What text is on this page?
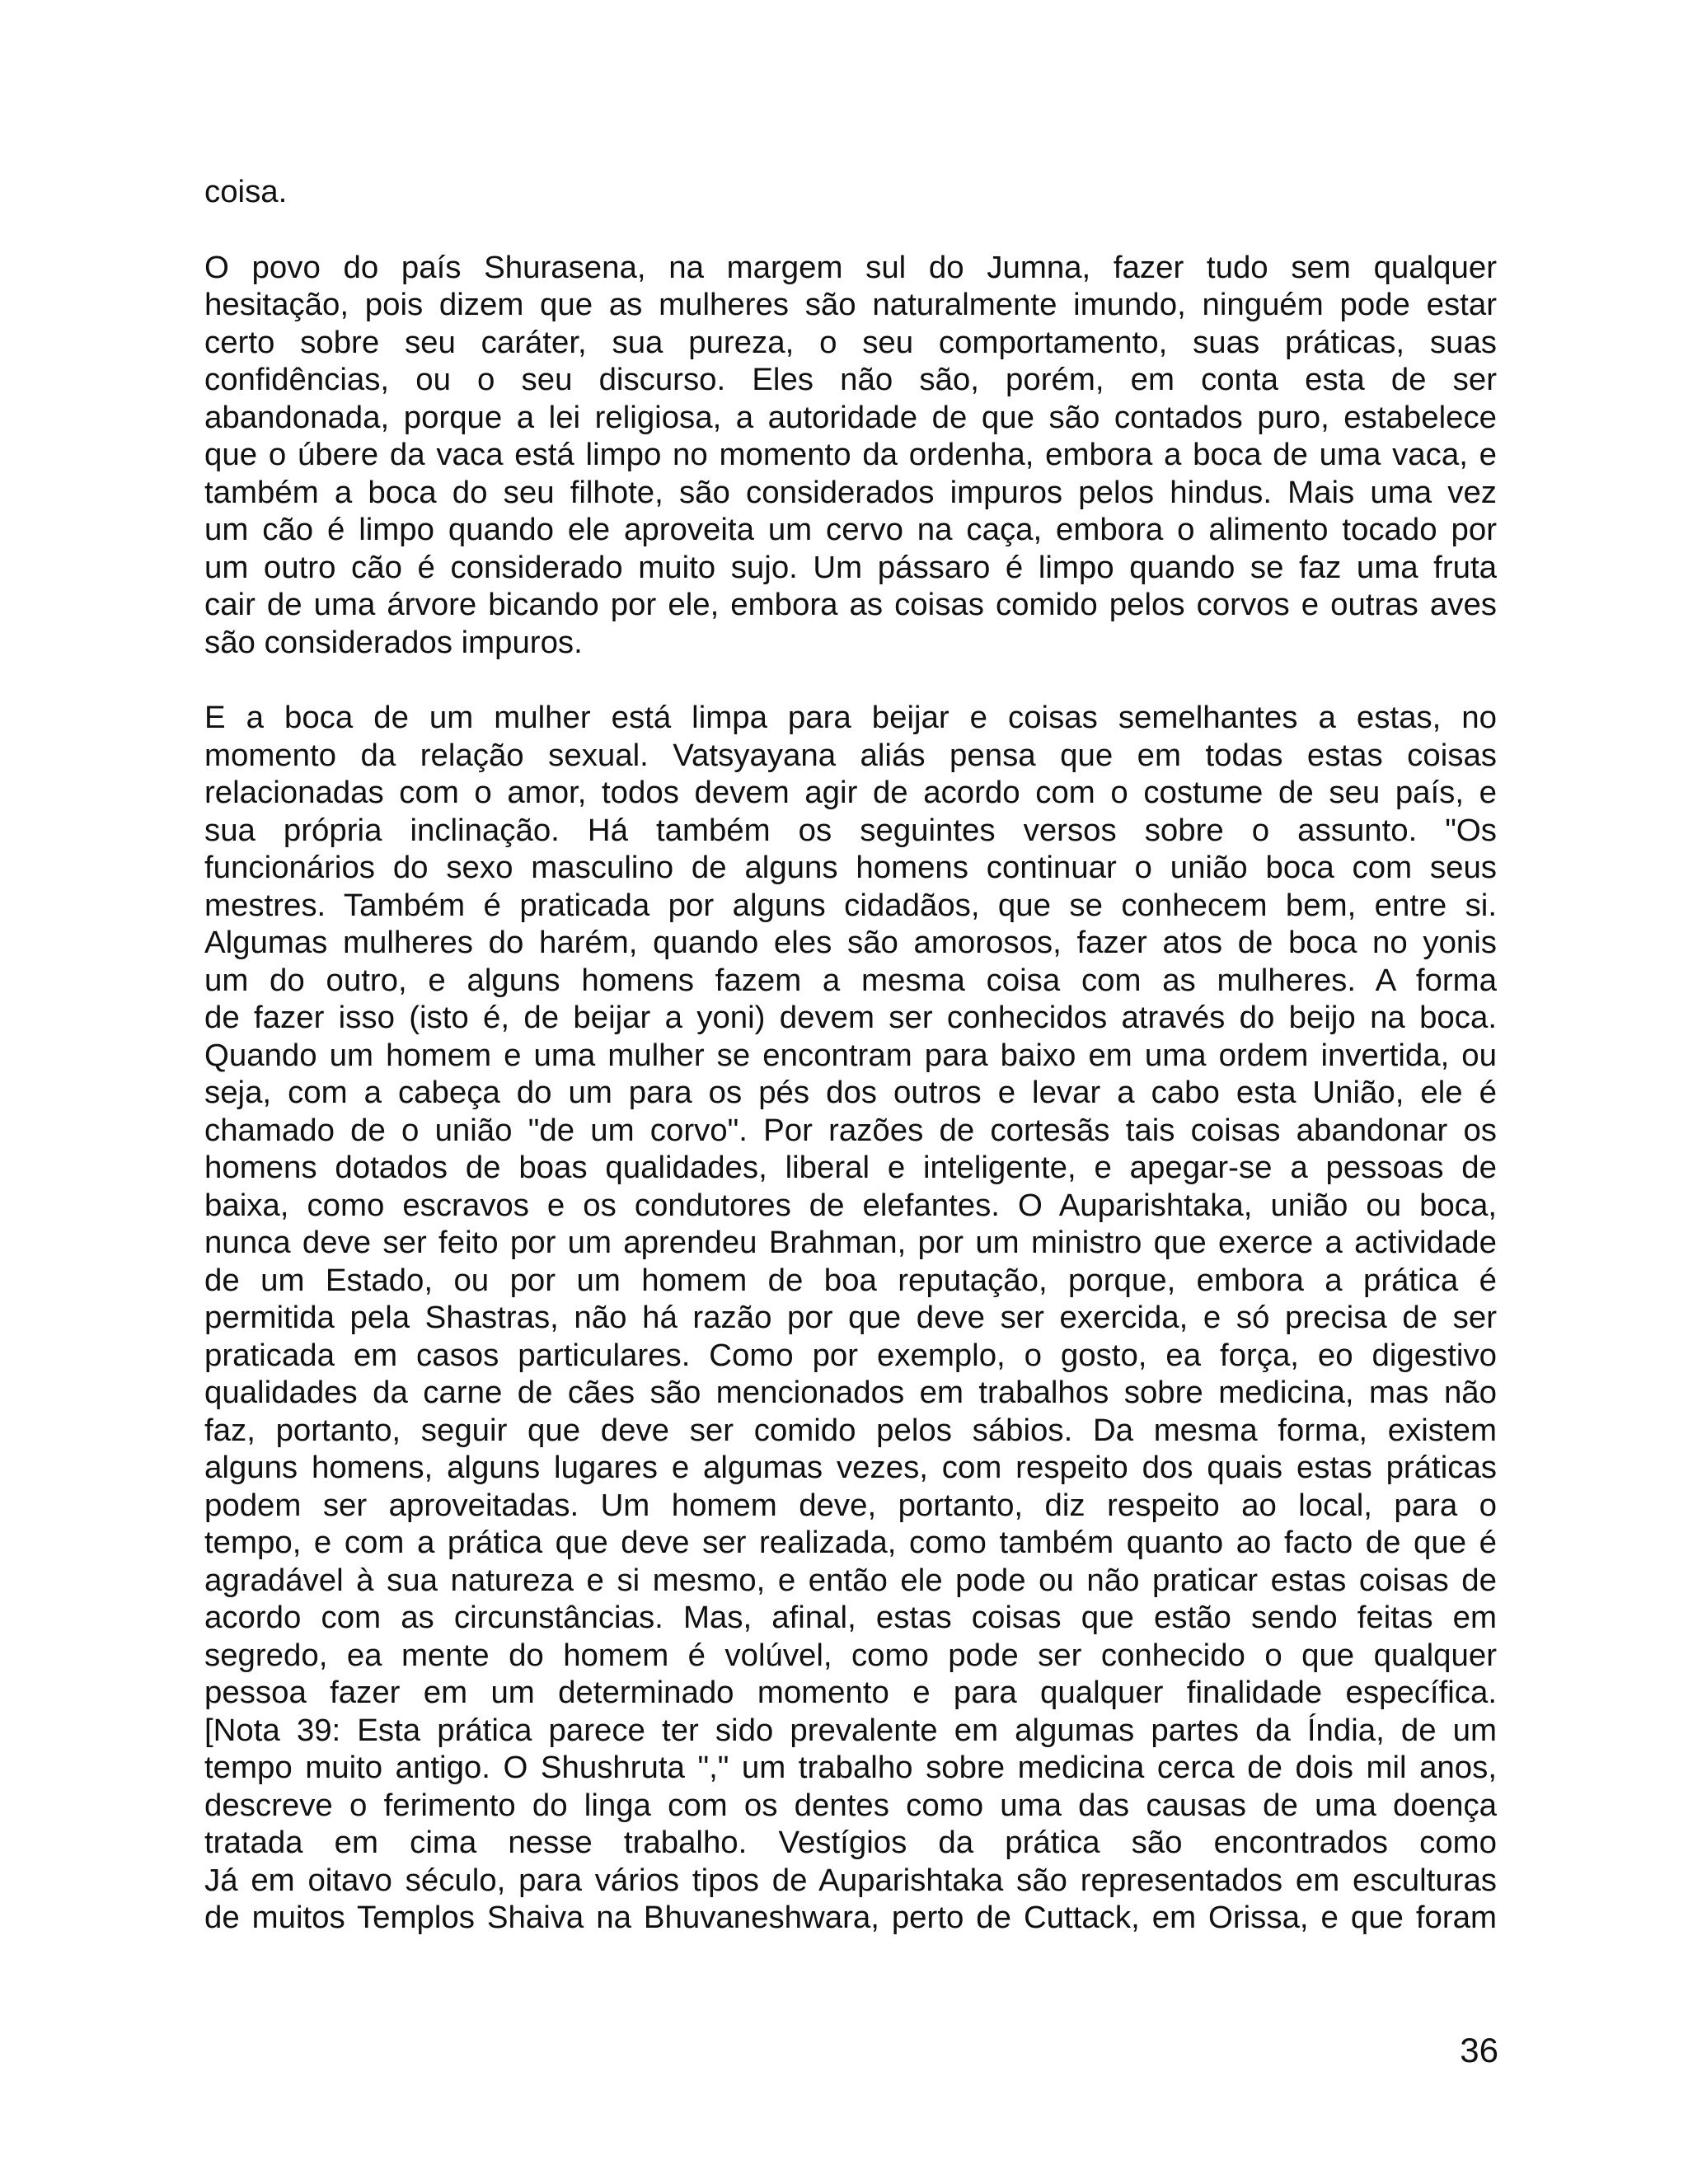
coisa.

O povo do país Shurasena, na margem sul do Jumna, fazer tudo sem qualquer
hesitação, pois dizem que as mulheres são naturalmente imundo, ninguém pode estar
certo sobre seu caráter, sua pureza, o seu comportamento, suas práticas, suas
confidências, ou o seu discurso. Eles não são, porém, em conta esta de ser
abandonada, porque a lei religiosa, a autoridade de que são contados puro, estabelece
que o úbere da vaca está limpo no momento da ordenha, embora a boca de uma vaca, e
também a boca do seu filhote, são considerados impuros pelos hindus. Mais uma vez
um cão é limpo quando ele aproveita um cervo na caça, embora o alimento tocado por
um outro cão é considerado muito sujo. Um pássaro é limpo quando se faz uma fruta
cair de uma árvore bicando por ele, embora as coisas comido pelos corvos e outras aves
são considerados impuros.

E a boca de um mulher está limpa para beijar e coisas semelhantes a estas, no
momento da relação sexual. Vatsyayana aliás pensa que em todas estas coisas
relacionadas com o amor, todos devem agir de acordo com o costume de seu país, e
sua própria inclinação. Há também os seguintes versos sobre o assunto. "Os
funcionários do sexo masculino de alguns homens continuar o união boca com seus
mestres. Também é praticada por alguns cidadãos, que se conhecem bem, entre si.
Algumas mulheres do harém, quando eles são amorosos, fazer atos de boca no yonis
um do outro, e alguns homens fazem a mesma coisa com as mulheres. A forma
de fazer isso (isto é, de beijar a yoni) devem ser conhecidos através do beijo na boca.
Quando um homem e uma mulher se encontram para baixo em uma ordem invertida, ou
seja, com a cabeça do um para os pés dos outros e levar a cabo esta União, ele é
chamado de o união "de um corvo". Por razões de cortesãs tais coisas abandonar os
homens dotados de boas qualidades, liberal e inteligente, e apegar-se a pessoas de
baixa, como escravos e os condutores de elefantes. O Auparishtaka, união ou boca,
nunca deve ser feito por um aprendeu Brahman, por um ministro que exerce a actividade
de um Estado, ou por um homem de boa reputação, porque, embora a prática é
permitida pela Shastras, não há razão por que deve ser exercida, e só precisa de ser
praticada em casos particulares. Como por exemplo, o gosto, ea força, eo digestivo
qualidades da carne de cães são mencionados em trabalhos sobre medicina, mas não
faz, portanto, seguir que deve ser comido pelos sábios. Da mesma forma, existem
alguns homens, alguns lugares e algumas vezes, com respeito dos quais estas práticas
podem ser aproveitadas. Um homem deve, portanto, diz respeito ao local, para o
tempo, e com a prática que deve ser realizada, como também quanto ao facto de que é
agradável à sua natureza e si mesmo, e então ele pode ou não praticar estas coisas de
acordo com as circunstâncias. Mas, afinal, estas coisas que estão sendo feitas em
segredo, ea mente do homem é volúvel, como pode ser conhecido o que qualquer
pessoa fazer em um determinado momento e para qualquer finalidade específica.
[Nota 39: Esta prática parece ter sido prevalente em algumas partes da Índia, de um
tempo muito antigo. O Shushruta "," um trabalho sobre medicina cerca de dois mil anos,
descreve o ferimento do linga com os dentes como uma das causas de uma doença
tratada em cima nesse trabalho. Vestígios da prática são encontrados como
Já em oitavo século, para vários tipos de Auparishtaka são representados em esculturas
de muitos Templos Shaiva na Bhuvaneshwara, perto de Cuttack, em Orissa, e que foram

36
